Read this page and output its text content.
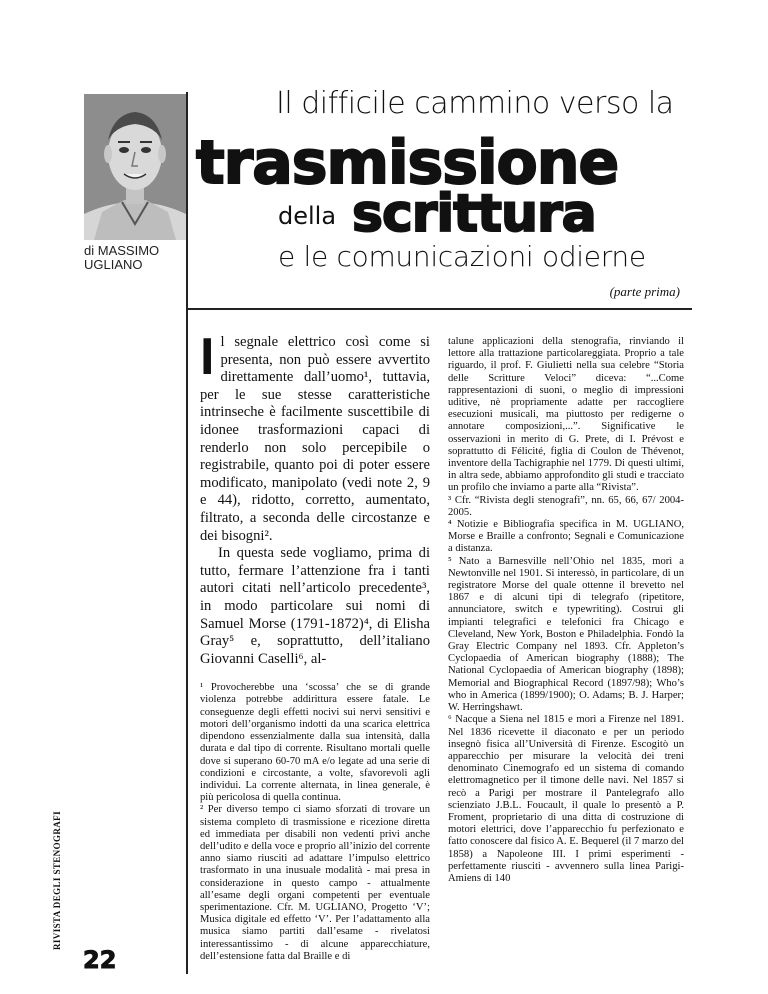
di MASSIMO UGLIANO
Il difficile cammino verso la
trasmissione
della scrittura
e le comunicazioni odierne
(parte prima)
RIVISTA DEGLI STENOGRAFI
22

Il segnale elettrico così come si presenta, non può essere avvertito direttamente dall’uomo¹, tuttavia, per le sue stesse caratteristiche intrinseche è facilmente suscettibile di idonee trasformazioni capaci di renderlo non solo percepibile o registrabile, quanto poi di poter essere modificato, manipolato (vedi note 2, 9 e 44), ridotto, corretto, aumentato, filtrato, a seconda delle circostanze e dei bisogni².

In questa sede vogliamo, prima di tutto, fermare l’attenzione fra i tanti autori citati nell’articolo precedente³, in modo particolare sui nomi di Samuel Morse (1791-1872)⁴, di Elisha Gray⁵ e, soprattutto, dell’italiano Giovanni Caselli⁶, al-

¹ Provocherebbe una ‘scossa’ che se di grande violenza potrebbe addirittura essere fatale. Le conseguenze degli effetti nocivi sui nervi sensitivi e motori dell’organismo indotti da una scarica elettrica dipendono essenzialmente dalla sua intensità, dalla durata e dal tipo di corrente. Risultano mortali quelle dove si superano 60-70 mA e/o legate ad una serie di condizioni e circostante, a volte, sfavorevoli agli individui. La corrente alternata, in linea generale, è più pericolosa di quella continua.

² Per diverso tempo ci siamo sforzati di trovare un sistema completo di trasmissione e ricezione diretta ed immediata per disabili non vedenti privi anche dell’udito e della voce e proprio all’inizio del corrente anno siamo riusciti ad adattare l’impulso elettrico trasformato in una inusuale modalità - mai presa in considerazione in questo campo - attualmente all’esame degli organi competenti per eventuale sperimentazione. Cfr. M. UGLIANO, Progetto ‘V’; Musica digitale ed effetto ‘V’. Per l’adattamento alla musica siamo partiti dall’esame - rivelatosi interessantissimo - di alcune apparecchiature, dell’estensione fatta dal Braille e di

talune applicazioni della stenografia, rinviando il lettore alla trattazione particolareggiata. Proprio a tale riguardo, il prof. F. Giulietti nella sua celebre “Storia delle Scritture Veloci” diceva: “...Come rappresentazioni di suoni, o meglio di impressioni uditive, nè propriamente adatte per raccogliere esecuzioni musicali, ma piuttosto per redigerne o annotare composizioni,...”. Significative le osservazioni in merito di G. Prete, di I. Prévost e soprattutto di Félicité, figlia di Coulon de Thévenot, inventore della Tachigraphie nel 1779. Di questi ultimi, in altra sede, abbiamo approfondito gli studi e tracciato un profilo che inviamo a parte alla “Rivista”.

³ Cfr. “Rivista degli stenografi”, nn. 65, 66, 67/ 2004-2005.

⁴ Notizie e Bibliografia specifica in M. UGLIANO, Morse e Braille a confronto; Segnali e Comunicazione a distanza.

⁵ Nato a Barnesville nell’Ohio nel 1835, morì a Newtonville nel 1901. Si interessò, in particolare, di un registratore Morse del quale ottenne il brevetto nel 1867 e di alcuni tipi di telegrafo (ripetitore, annunciatore, switch e typewriting). Costruì gli impianti telegrafici e telefonici fra Chicago e Cleveland, New York, Boston e Philadelphia. Fondò la Gray Electric Company nel 1893. Cfr. Appleton’s Cyclopaedia of American biography (1888); The National Cyclopaedia of American biography (1898); Memorial and Biographical Record (1897/98); Who’s who in America (1899/1900); O. Adams; B. J. Harper; W. Herringshawt.

⁶ Nacque a Siena nel 1815 e morì a Firenze nel 1891. Nel 1836 ricevette il diaconato e per un periodo insegnò fisica all’Università di Firenze. Escogitò un apparecchio per misurare la velocità dei treni denominato Cinemografo ed un sistema di comando elettromagnetico per il timone delle navi. Nel 1857 si recò a Parigi per mostrare il Pantelegrafo allo scienziato J.B.L. Foucault, il quale lo presentò a P. Froment, proprietario di una ditta di costruzione di motori elettrici, dove l’apparecchio fu perfezionato e fatto conoscere dal fisico A. E. Bequerel (il 7 marzo del 1858) a Napoleone III. I primi esperimenti - perfettamente riusciti - avvennero sulla linea Parigi-Amiens di 140
